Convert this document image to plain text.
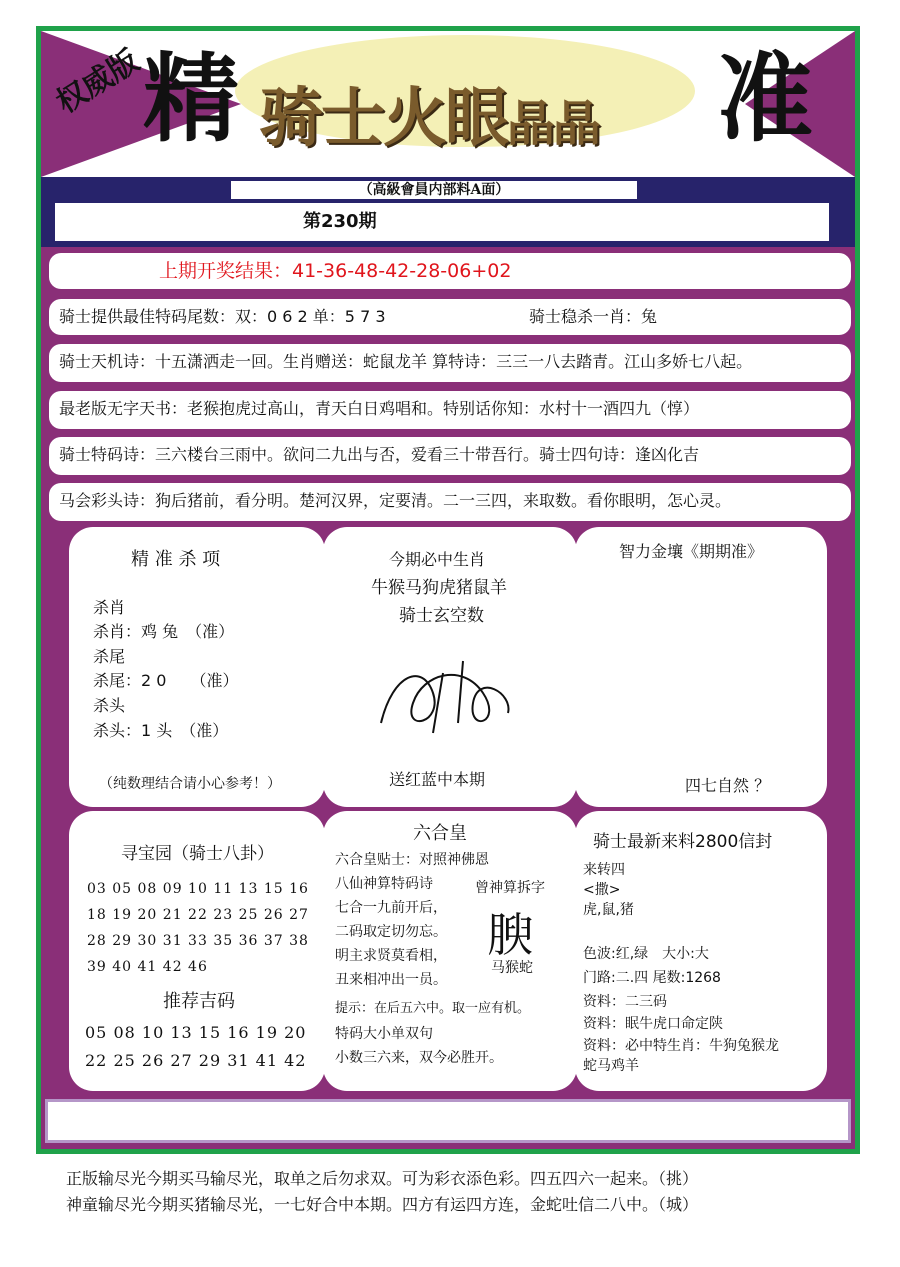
权威版
精 骑士火眼晶晶 准
（高級會員内部料A面）
第230期
上期开奖结果：41-36-48-42-28-06+02
骑士提供最佳特码尾数：双：0 6 2 单：5 7 3	骑士稳杀一肖：兔
骑士天机诗：十五潇洒走一回。生肖赠送：蛇鼠龙羊 算特诗：三三一八去踏青。江山多娇七八起。
最老版无字天书：老猴抱虎过高山，青天白日鸡唱和。特别话你知：水村十一酒四九（惇）
骑士特码诗：三六楼台三雨中。欲问二九出与否，爱看三十带吾行。骑士四句诗：逢凶化吉
马会彩头诗：狗后猪前，看分明。楚河汉界，定要清。二一三四，来取数。看你眼明，怎心灵。
精 准 杀 项
杀肖
杀肖：鸡 兔　（准）
杀尾
杀尾：2 0　　（准）
杀头
杀头：1 头　（准）
（纯数理结合请小心参考！）
今期必中生肖
牛猴马狗虎猪鼠羊
骑士玄空数
送红蓝中本期
智力金壤《期期准》
四七自然 ？
寻宝园（骑士八卦）
03 05 08 09 10 11 13 15 16
18 19 20 21 22 23 25 26 27
28 29 30 31 33 35 36 37 38
39 40 41 42 46
推荐吉码
05 08 10 13 15 16 19 20
22 25 26 27 29 31 41 42
六合皇
六合皇贴士：对照神佛恩
八仙神算特码诗
七合一九前开后，
二码取定切勿忘。
明主求贤莫看相，
丑来相冲出一员。
提示：在后五六中。取一应有机。
特码大小单双句
小数三六来，双今必胜开。
曾神算拆字
腴
马猴蛇
骑士最新来料2800信封
来转四
<撒>
虎,鼠,猪
色波:红,绿　大小:大
门路:二.四 尾数:1268
资料：二三码
资料：眠牛虎口命定陕
资料：必中特生肖：牛狗兔猴龙
蛇马鸡羊
正版输尽光今期买马输尽光，取单之后勿求双。可为彩衣添色彩。四五四六一起来。（挑）
神童输尽光今期买猪输尽光，一七好合中本期。四方有运四方连，金蛇吐信二八中。（城）
